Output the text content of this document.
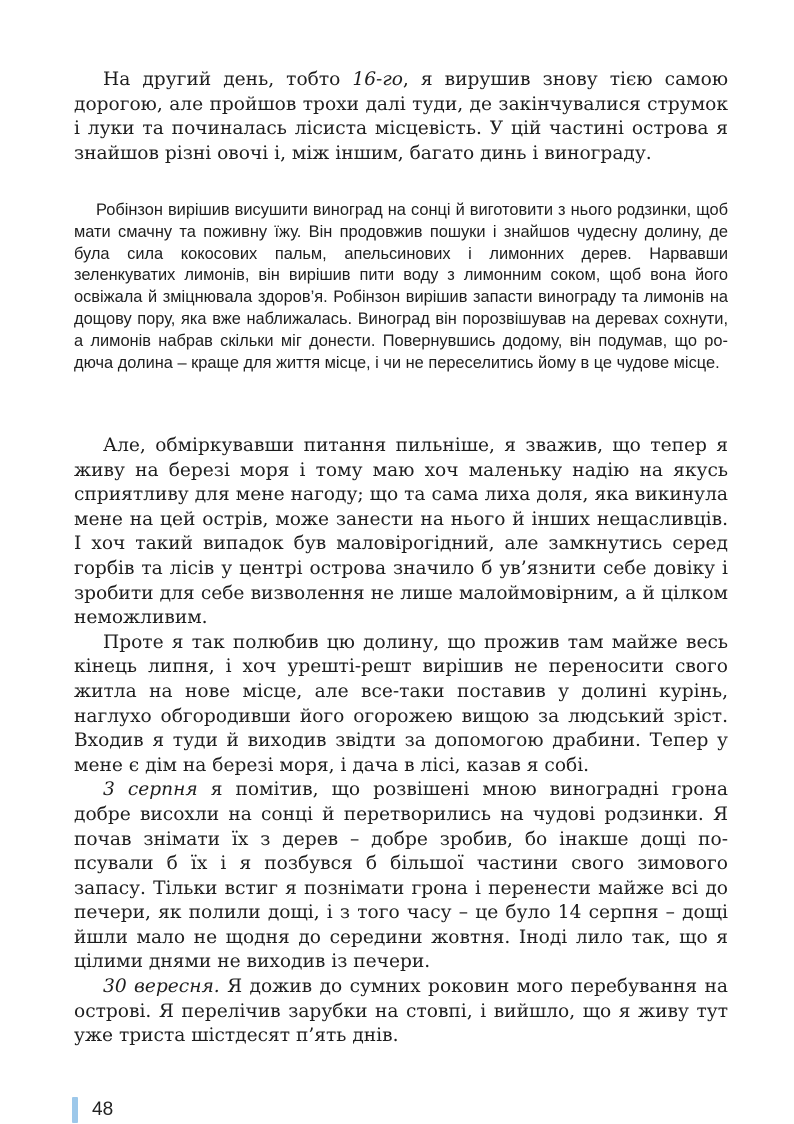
На другий день, тобто 16-го, я вирушив знову тією самою дорогою, але пройшов трохи далі туди, де закінчувалися струмок і луки та починалась лісиста місцевість. У цій частині острова я знайшов різні овочі і, між іншим, багато динь і винограду.

Робінзон вирішив висушити виноград на сонці й виготовити з нього родзинки, щоб мати смачну та поживну їжу. Він продовжив пошуки і знайшов чудесну долину, де була сила кокосових пальм, апельсинових і лимонних дерев. Нарвавши зеленкуватих лимонів, він вирішив пити воду з лимонним соком, щоб вона його освіжала й зміцнювала здоров’я. Робінзон вирішив запасти винограду та лимонів на дощову пору, яка вже наближалась. Виноград він порозвішував на деревах сохнути, а лимонів набрав скільки міг донести. Повернувшись додому, він подумав, що родюча долина – краще для життя місце, і чи не переселитись йому в це чудове місце.

Але, обміркувавши питання пильніше, я зважив, що тепер я живу на березі моря і тому маю хоч маленьку надію на якусь сприятливу для мене нагоду; що та сама лиха доля, яка викинула мене на цей острів, може занести на нього й інших нещасливців. І хоч такий випадок був маловірогідний, але замкнутись серед горбів та лісів у центрі острова значило б ув’язнити себе довіку і зробити для себе визволення не лише малоймовірним, а й цілком неможливим.

Проте я так полюбив цю долину, що прожив там майже весь кінець липня, і хоч урешті-решт вирішив не переносити свого житла на нове місце, але все-таки поставив у долині курінь, наглухо обгородивши його огорожею вищою за людський зріст. Входив я туди й виходив звідти за допомогою драбини. Тепер у мене є дім на березі моря, і дача в лісі, казав я собі.

3 серпня я помітив, що розвішені мною виноградні грона добре висохли на сонці й перетворились на чудові родзинки. Я почав знімати їх з дерев – добре зробив, бо інакше дощі попсували б їх і я позбувся б більшої частини свого зимового запасу. Тільки встиг я познімати грона і перенести майже всі до печери, як полили дощі, і з того часу – це було 14 серпня – дощі йшли мало не щодня до середини жовтня. Іноді лило так, що я цілими днями не виходив із печери.

30 вересня. Я дожив до сумних роковин мого перебування на острові. Я перелічив зарубки на стовпі, і вийшло, що я живу тут уже триста шістдесят п’ять днів.

48
